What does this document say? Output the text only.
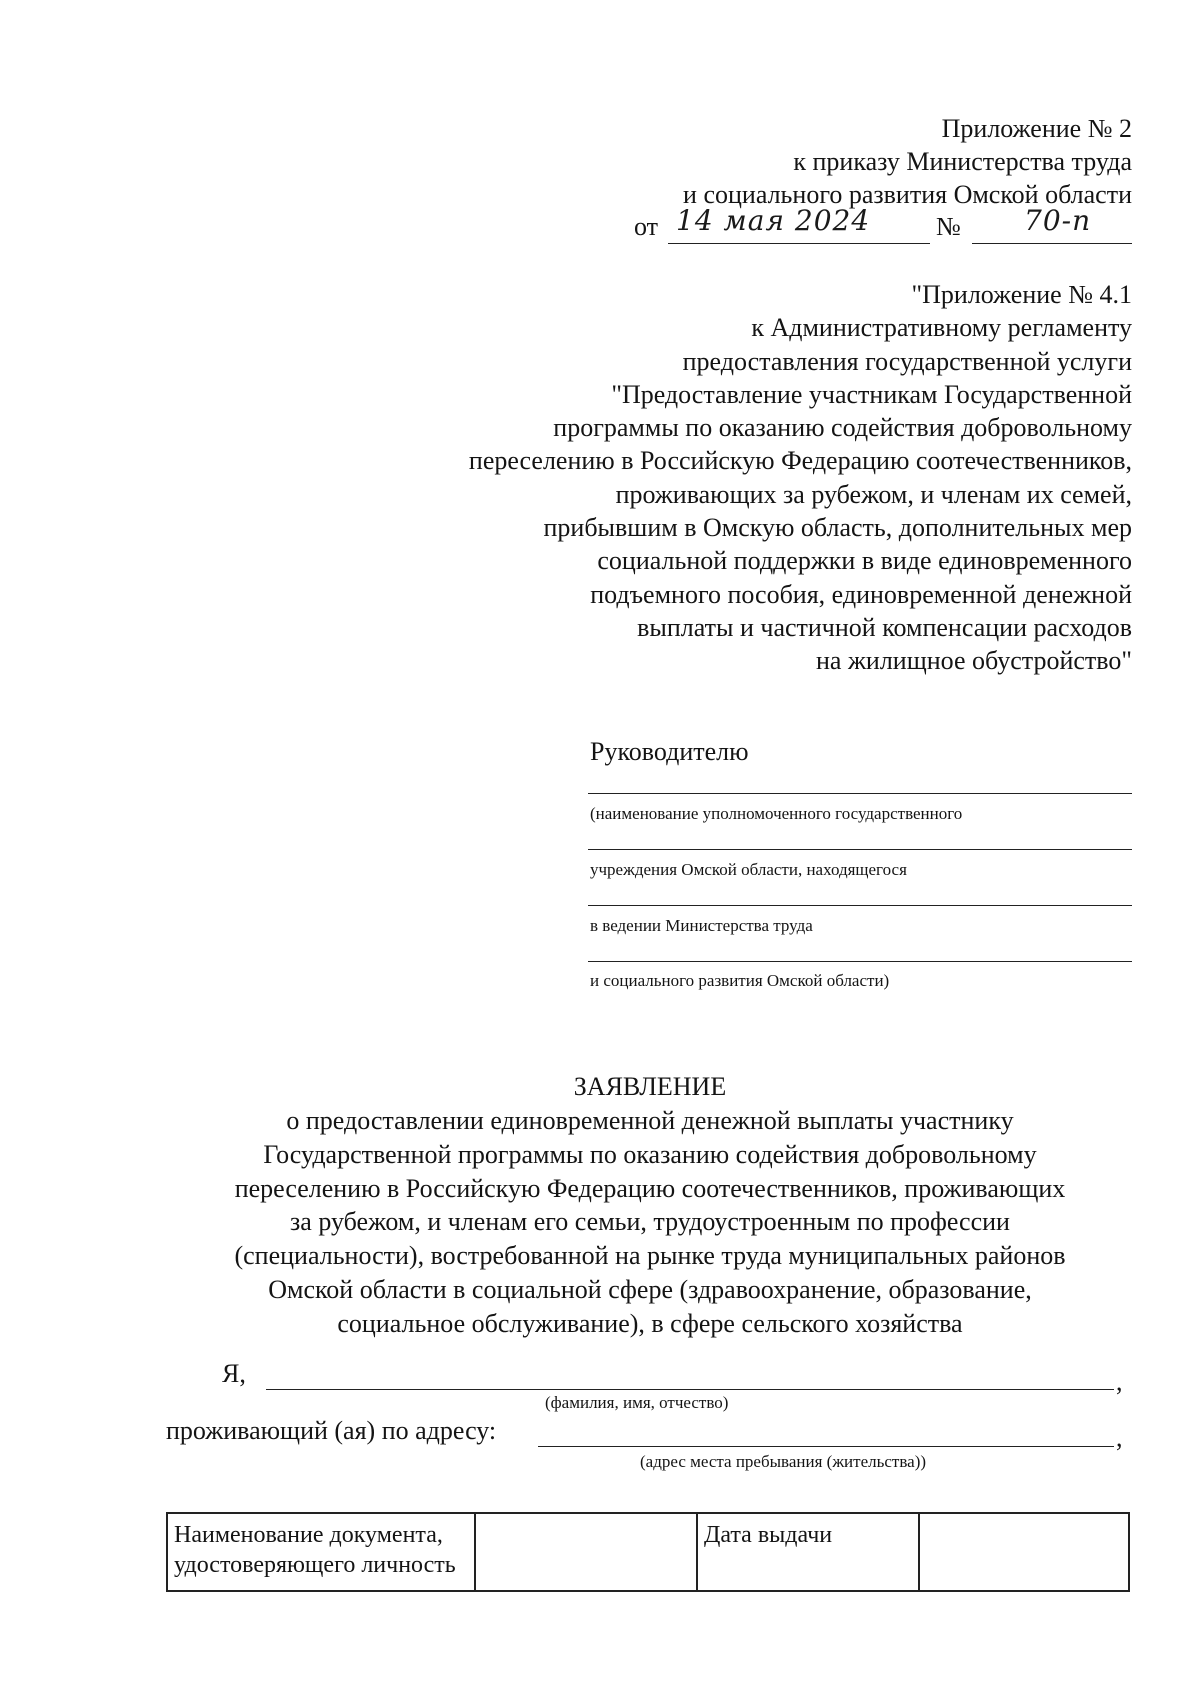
Приложение № 2
к приказу Министерства труда
и социального развития Омской области
от 14 мая 2024	№ 70-п
"Приложение № 4.1
к Административному регламенту
предоставления государственной услуги
"Предоставление участникам Государственной
программы по оказанию содействия добровольному
переселению в Российскую Федерацию соотечественников,
проживающих за рубежом, и членам их семей,
прибывшим в Омскую область, дополнительных мер
социальной поддержки в виде единовременного
подъемного пособия, единовременной денежной
выплаты и частичной компенсации расходов
на жилищное обустройство"
Руководителю
(наименование уполномоченного государственного
учреждения Омской области, находящегося
в ведении Министерства труда
и социального развития Омской области)
ЗАЯВЛЕНИЕ
о предоставлении единовременной денежной выплаты участнику
Государственной программы по оказанию содействия добровольному
переселению в Российскую Федерацию соотечественников, проживающих
за рубежом, и членам его семьи, трудоустроенным по профессии
(специальности), востребованной на рынке труда муниципальных районов
Омской области в социальной сфере (здравоохранение, образование,
социальное обслуживание), в сфере сельского хозяйства
Я,	,
(фамилия, имя, отчество)
проживающий (ая) по адресу:	,
(адрес места пребывания (жительства))
Наименование документа,
удостоверяющего личность
		Дата выдачи	
